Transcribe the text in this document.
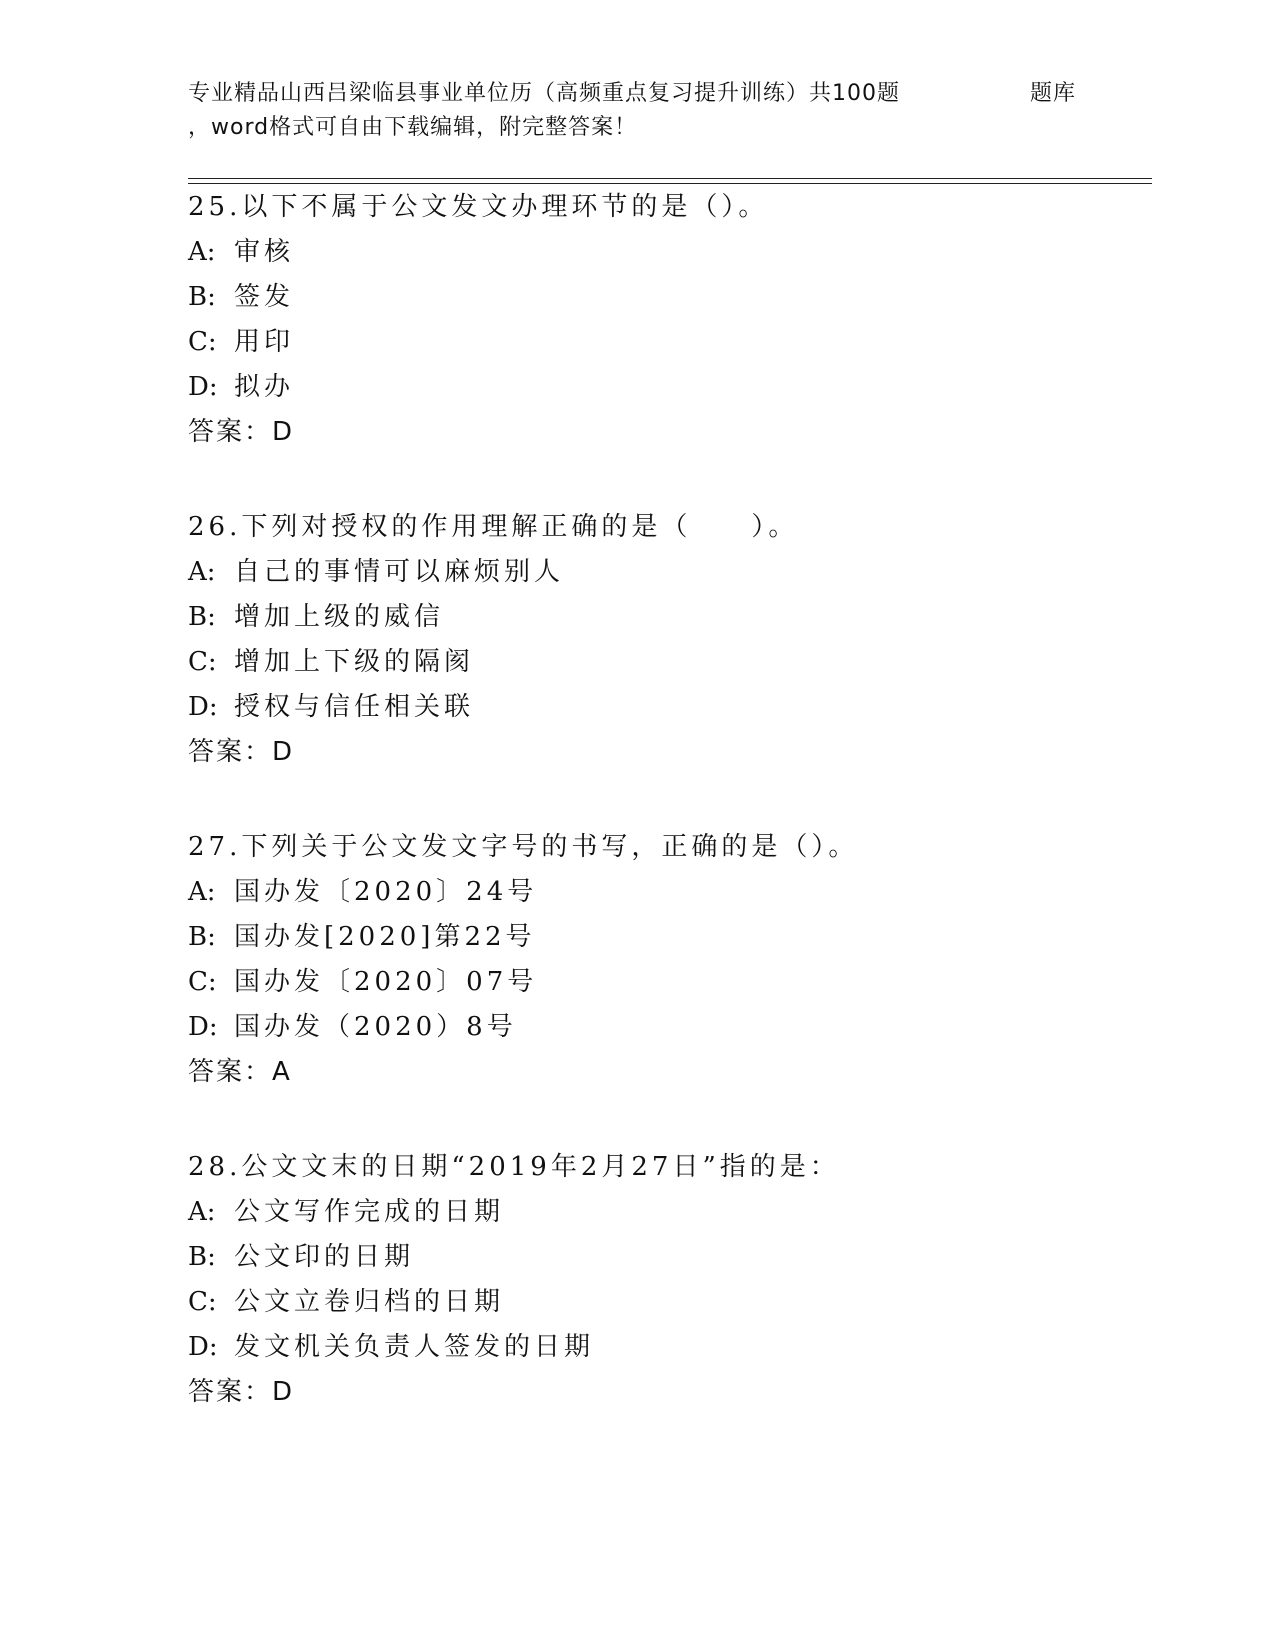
专业精品山西吕梁临县事业单位历（高频重点复习提升训练）共100题	题库
，word格式可自由下载编辑，附完整答案！
25.以下不属于公文发文办理环节的是（）。
A: 审核
B: 签发
C: 用印
D: 拟办
答案：D
26.下列对授权的作用理解正确的是（　　）。
A: 自己的事情可以麻烦别人
B: 增加上级的威信
C: 增加上下级的隔阂
D: 授权与信任相关联
答案：D
27.下列关于公文发文字号的书写，正确的是（）。
A: 国办发〔2020〕24号
B: 国办发[2020]第22号
C: 国办发〔2020〕07号
D: 国办发（2020）8号
答案：A
28.公文文末的日期“2019年2月27日”指的是：
A: 公文写作完成的日期
B: 公文印的日期
C: 公文立卷归档的日期
D: 发文机关负责人签发的日期
答案：D
